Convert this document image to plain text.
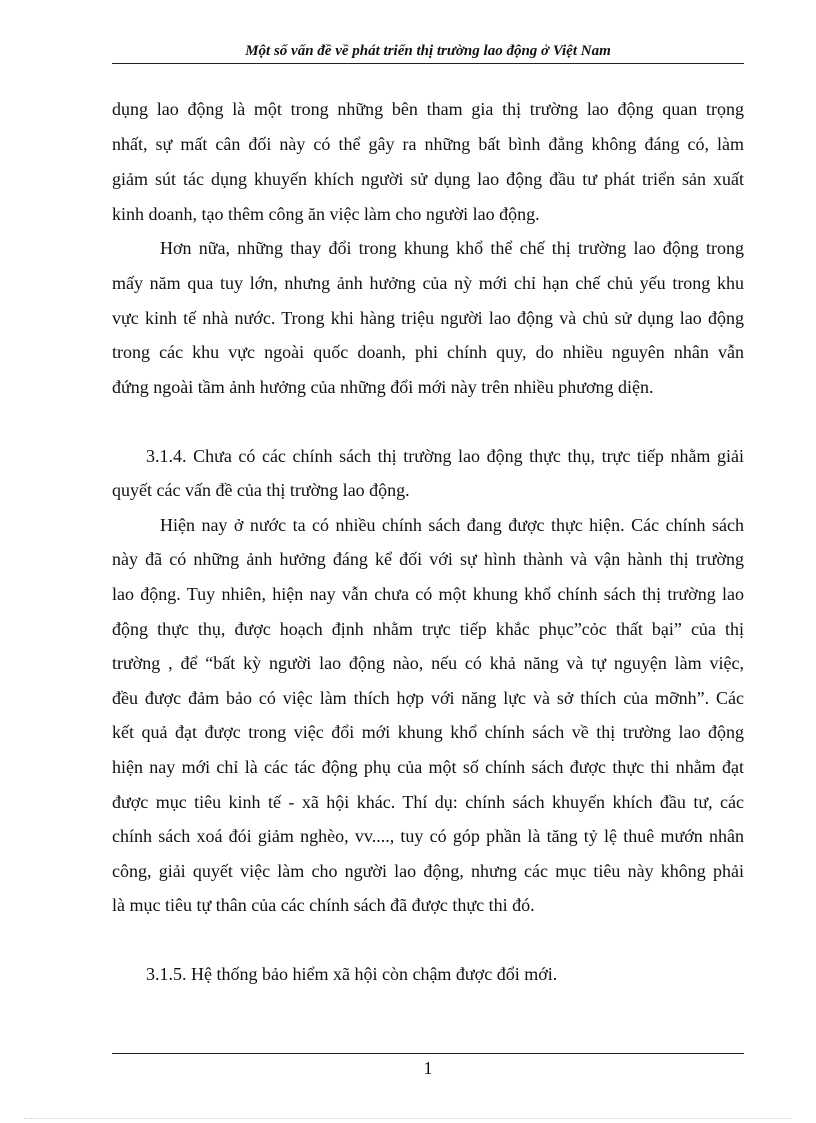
Một số vấn đề về phát triển thị trường lao động ở Việt Nam
dụng lao động là một trong những bên tham gia thị trường lao động quan trọng
nhất, sự mất cân đối này có thể gây ra những bất bình đẳng không đáng có, làm
giảm sút tác dụng khuyến khích người sử dụng lao động đầu tư phát triển sản xuất
kinh doanh, tạo thêm công ăn việc làm cho người lao động.
Hơn nữa, những thay đổi trong khung khổ thể chế thị trường lao động trong
mấy năm qua tuy lớn, nhưng ảnh hưởng của nỳ mới chỉ hạn chế chủ yếu trong khu
vực kinh tế nhà nước. Trong khi hàng triệu người lao động và chủ sử dụng lao động
trong các khu vực ngoài quốc doanh, phi chính quy, do nhiều nguyên nhân vẫn
đứng ngoài tầm ảnh hưởng của những đổi mới này trên nhiều phương diện.
3.1.4. Chưa có các chính sách thị trường lao động thực thụ, trực tiếp nhằm giải
quyết các vấn đề của thị trường lao động.
Hiện nay ở nước ta có nhiều chính sách đang được thực hiện. Các chính sách
này đã có những ảnh hưởng đáng kể đối với sự hình thành và vận hành thị trường
lao động. Tuy nhiên, hiện nay vẫn chưa có một khung khổ chính sách thị trường lao
động thực thụ, được hoạch định nhằm trực tiếp khắc phục”cỏc thất bại” của thị
trường , để “bất kỳ người lao động nào, nếu có khả năng và tự nguyện làm việc,
đều được đảm bảo có việc làm thích hợp với năng lực và sở thích của mỡnh”. Các
kết quả đạt được trong việc đổi mới khung khổ chính sách về thị trường lao động
hiện nay mới chỉ là các tác động phụ của một số chính sách được thực thi nhằm đạt
được mục tiêu kinh tế - xã hội khác. Thí dụ: chính sách khuyến khích đầu tư, các
chính sách xoá đói giảm nghèo, vv...., tuy có góp phần là tăng tỷ lệ thuê mướn nhân
công, giải quyết việc làm cho người lao động, nhưng các mục tiêu này không phải
là mục tiêu tự thân của các chính sách đã được thực thi đó.
3.1.5. Hệ thống bảo hiểm xã hội còn chậm được đổi mới.
1
